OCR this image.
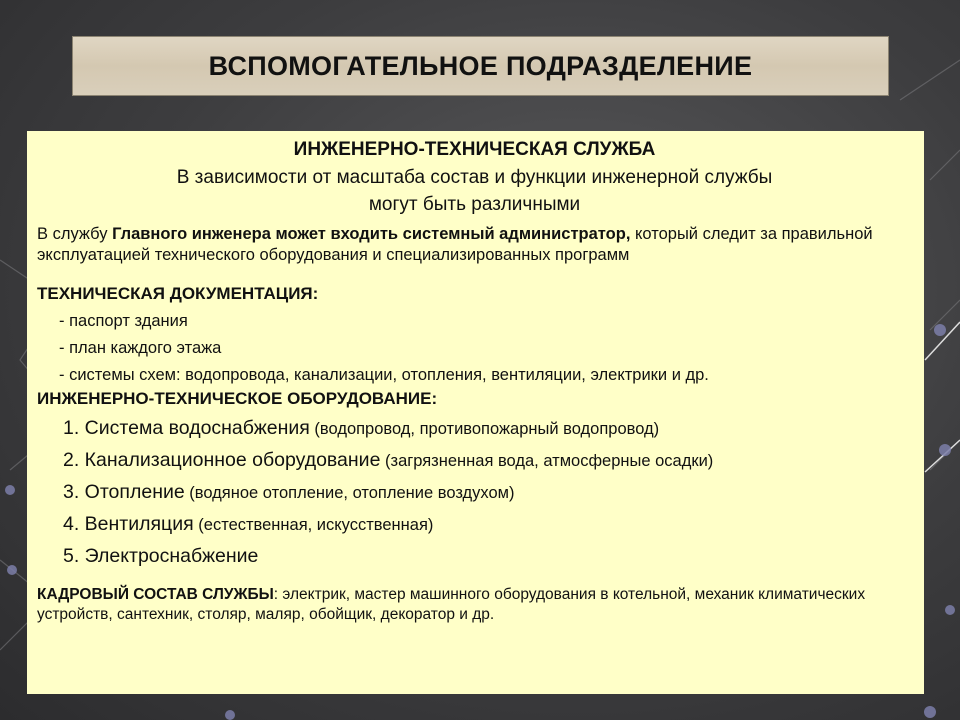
ВСПОМОГАТЕЛЬНОЕ ПОДРАЗДЕЛЕНИЕ
ИНЖЕНЕРНО-ТЕХНИЧЕСКАЯ СЛУЖБА
В зависимости от масштаба состав и функции инженерной службы
могут быть различными
В службу Главного инженера может входить системный администратор, который следит за правильной эксплуатацией технического оборудования и специализированных программ
ТЕХНИЧЕСКАЯ ДОКУМЕНТАЦИЯ:
- паспорт здания
- план каждого этажа
- системы схем: водопровода, канализации, отопления, вентиляции, электрики и др.
ИНЖЕНЕРНО-ТЕХНИЧЕСКОЕ ОБОРУДОВАНИЕ:
1. Система водоснабжения (водопровод, противопожарный водопровод)
2. Канализационное оборудование (загрязненная вода, атмосферные осадки)
3. Отопление (водяное отопление, отопление воздухом)
4. Вентиляция (естественная, искусственная)
5. Электроснабжение
КАДРОВЫЙ СОСТАВ СЛУЖБЫ: электрик, мастер машинного оборудования в котельной, механик климатических устройств, сантехник, столяр, маляр, обойщик, декоратор и др.
